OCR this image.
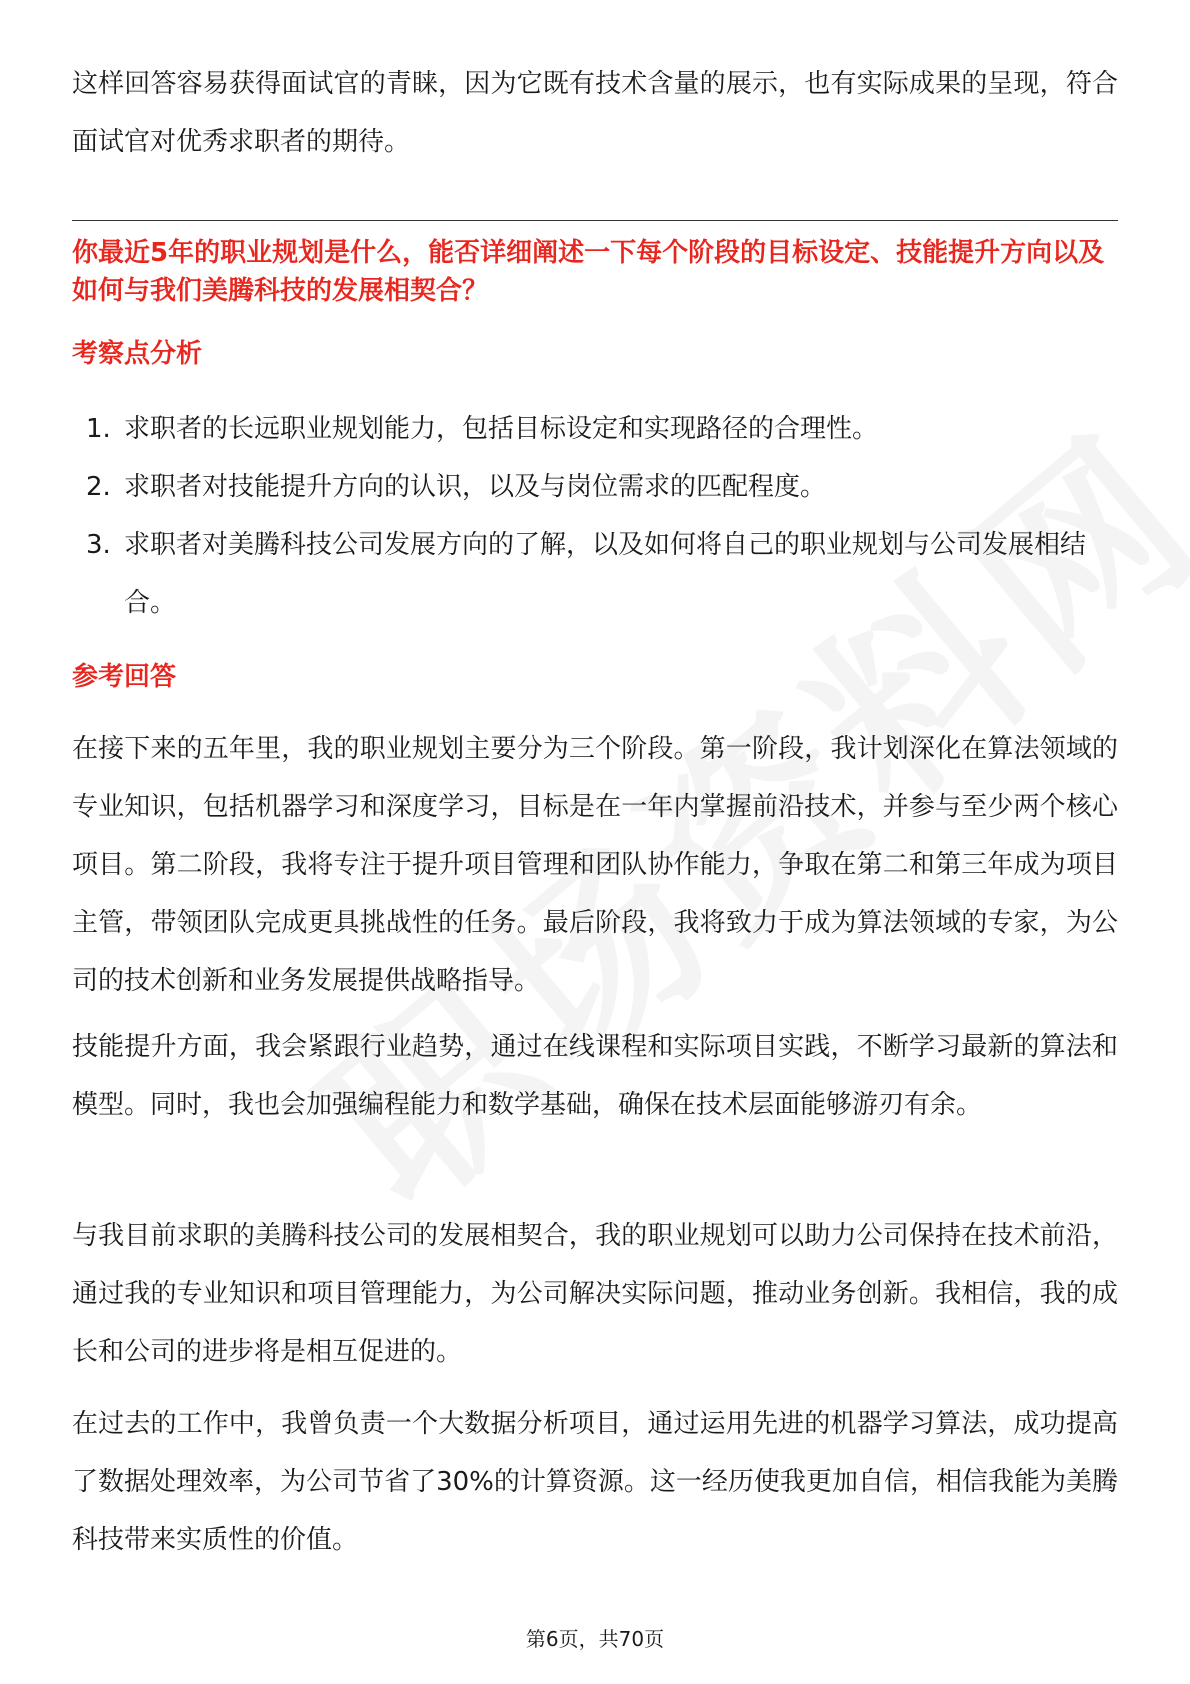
这样回答容易获得面试官的青睐，因为它既有技术含量的展示，也有实际成果的呈现，符合面试官对优秀求职者的期待。

你最近5年的职业规划是什么，能否详细阐述一下每个阶段的目标设定、技能提升方向以及如何与我们美腾科技的发展相契合？

考察点分析

1. 求职者的长远职业规划能力，包括目标设定和实现路径的合理性。
2. 求职者对技能提升方向的认识，以及与岗位需求的匹配程度。
3. 求职者对美腾科技公司发展方向的了解，以及如何将自己的职业规划与公司发展相结合。

参考回答

在接下来的五年里，我的职业规划主要分为三个阶段。第一阶段，我计划深化在算法领域的专业知识，包括机器学习和深度学习，目标是在一年内掌握前沿技术，并参与至少两个核心项目。第二阶段，我将专注于提升项目管理和团队协作能力，争取在第二和第三年成为项目主管，带领团队完成更具挑战性的任务。最后阶段，我将致力于成为算法领域的专家，为公司的技术创新和业务发展提供战略指导。

技能提升方面，我会紧跟行业趋势，通过在线课程和实际项目实践，不断学习最新的算法和模型。同时，我也会加强编程能力和数学基础，确保在技术层面能够游刃有余。

与我目前求职的美腾科技公司的发展相契合，我的职业规划可以助力公司保持在技术前沿，通过我的专业知识和项目管理能力，为公司解决实际问题，推动业务创新。我相信，我的成长和公司的进步将是相互促进的。

在过去的工作中，我曾负责一个大数据分析项目，通过运用先进的机器学习算法，成功提高了数据处理效率，为公司节省了30%的计算资源。这一经历使我更加自信，相信我能为美腾科技带来实质性的价值。

第6页，共70页
